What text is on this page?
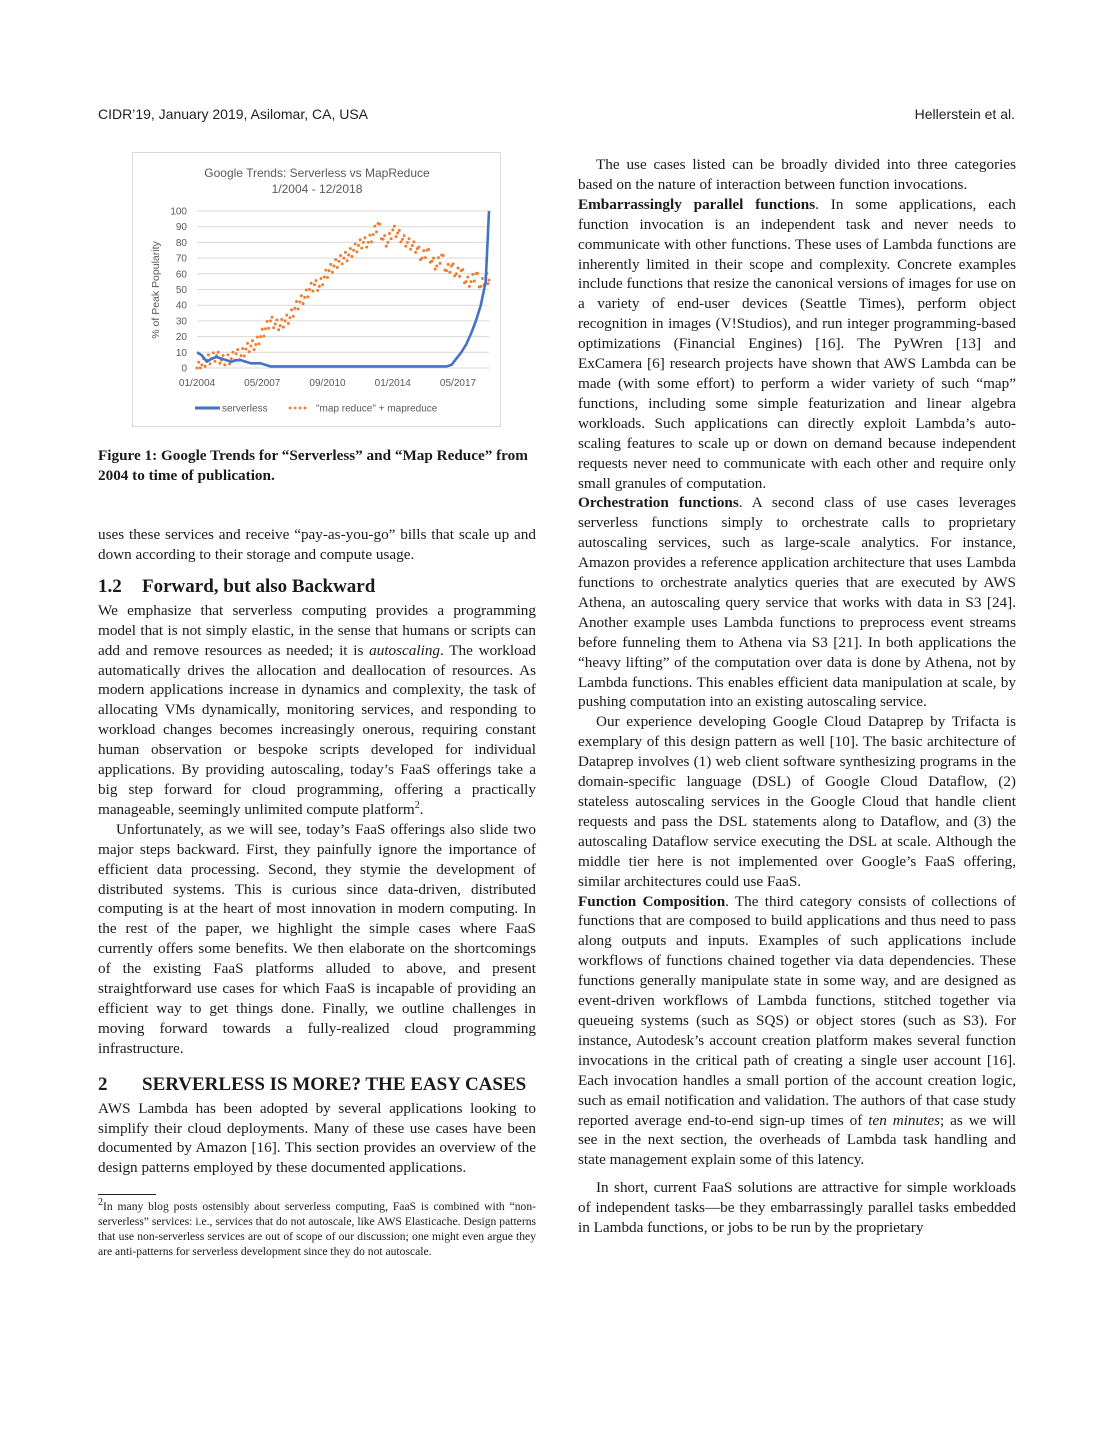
CIDR’19, January 2019, Asilomar, CA, USA	Hellerstein et al.
Google Trends: Serverless vs MapReduce
1/2004 - 12/2018
% of Peak Popularity
0
10
20
30
40
50
60
70
80
90
100
01/2004	05/2007	09/2010	01/2014	05/2017
serverless	"map reduce" + mapreduce
Figure 1: Google Trends for “Serverless” and “Map Reduce” from 2004 to time of publication.

uses these services and receive “pay-as-you-go” bills that scale up and down according to their storage and compute usage.

1.2 Forward, but also Backward

We emphasize that serverless computing provides a programming model that is not simply elastic, in the sense that humans or scripts can add and remove resources as needed; it is autoscaling. The workload automatically drives the allocation and deallocation of resources. As modern applications increase in dynamics and complexity, the task of allocating VMs dynamically, monitoring services, and responding to workload changes becomes increasingly onerous, requiring constant human observation or bespoke scripts developed for individual applications. By providing autoscaling, today’s FaaS offerings take a big step forward for cloud programming, offering a practically manageable, seemingly unlimited compute platform$^2$.

Unfortunately, as we will see, today’s FaaS offerings also slide two major steps backward. First, they painfully ignore the importance of efficient data processing. Second, they stymie the development of distributed systems. This is curious since data-driven, distributed computing is at the heart of most innovation in modern computing. In the rest of the paper, we highlight the simple cases where FaaS currently offers some benefits. We then elaborate on the shortcomings of the existing FaaS platforms alluded to above, and present straightforward use cases for which FaaS is incapable of providing an efficient way to get things done. Finally, we outline challenges in moving forward towards a fully-realized cloud programming infrastructure.

2 SERVERLESS IS MORE? THE EASY CASES

AWS Lambda has been adopted by several applications looking to simplify their cloud deployments. Many of these use cases have been documented by Amazon [16]. This section provides an overview of the design patterns employed by these documented applications.

$^2$In many blog posts ostensibly about serverless computing, FaaS is combined with “non-serverless” services: i.e., services that do not autoscale, like AWS Elasticache. Design patterns that use non-serverless services are out of scope of our discussion; one might even argue they are anti-patterns for serverless development since they do not autoscale.

The use cases listed can be broadly divided into three categories based on the nature of interaction between function invocations.

Embarrassingly parallel functions. In some applications, each function invocation is an independent task and never needs to communicate with other functions. These uses of Lambda functions are inherently limited in their scope and complexity. Concrete examples include functions that resize the canonical versions of images for use on a variety of end-user devices (Seattle Times), perform object recognition in images (V!Studios), and run integer programming-based optimizations (Financial Engines) [16]. The PyWren [13] and ExCamera [6] research projects have shown that AWS Lambda can be made (with some effort) to perform a wider variety of such “map” functions, including some simple featurization and linear algebra workloads. Such applications can directly exploit Lambda’s auto-scaling features to scale up or down on demand because independent requests never need to communicate with each other and require only small granules of computation.

Orchestration functions. A second class of use cases leverages serverless functions simply to orchestrate calls to proprietary autoscaling services, such as large-scale analytics. For instance, Amazon provides a reference application architecture that uses Lambda functions to orchestrate analytics queries that are executed by AWS Athena, an autoscaling query service that works with data in S3 [24]. Another example uses Lambda functions to preprocess event streams before funneling them to Athena via S3 [21]. In both applications the “heavy lifting” of the computation over data is done by Athena, not by Lambda functions. This enables efficient data manipulation at scale, by pushing computation into an existing autoscaling service.

Our experience developing Google Cloud Dataprep by Trifacta is exemplary of this design pattern as well [10]. The basic architecture of Dataprep involves (1) web client software synthesizing programs in the domain-specific language (DSL) of Google Cloud Dataflow, (2) stateless autoscaling services in the Google Cloud that handle client requests and pass the DSL statements along to Dataflow, and (3) the autoscaling Dataflow service executing the DSL at scale. Although the middle tier here is not implemented over Google’s FaaS offering, similar architectures could use FaaS.

Function Composition. The third category consists of collections of functions that are composed to build applications and thus need to pass along outputs and inputs. Examples of such applications include workflows of functions chained together via data dependencies. These functions generally manipulate state in some way, and are designed as event-driven workflows of Lambda functions, stitched together via queueing systems (such as SQS) or object stores (such as S3). For instance, Autodesk’s account creation platform makes several function invocations in the critical path of creating a single user account [16]. Each invocation handles a small portion of the account creation logic, such as email notification and validation. The authors of that case study reported average end-to-end sign-up times of ten minutes; as we will see in the next section, the overheads of Lambda task handling and state management explain some of this latency.

In short, current FaaS solutions are attractive for simple workloads of independent tasks—be they embarrassingly parallel tasks embedded in Lambda functions, or jobs to be run by the proprietary
